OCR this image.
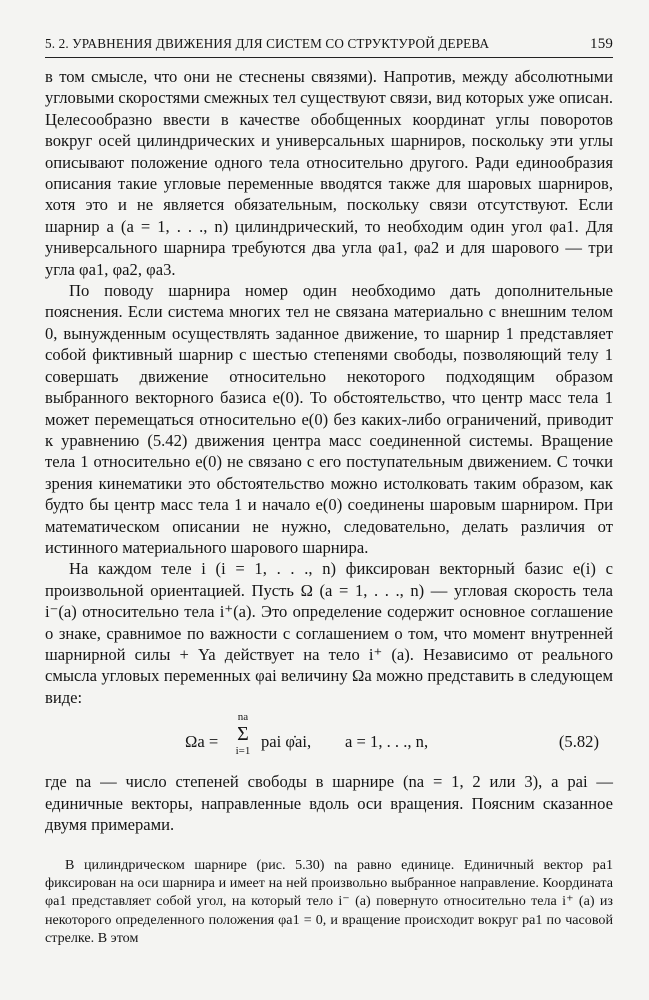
5. 2. УРАВНЕНИЯ ДВИЖЕНИЯ ДЛЯ СИСТЕМ СО СТРУКТУРОЙ ДЕРЕВА	159

в том смысле, что они не стеснены связями). Напротив, между абсолютными угловыми скоростями смежных тел существуют связи, вид которых уже описан. Целесообразно ввести в качестве обобщенных координат углы поворотов вокруг осей цилиндрических и универсальных шарниров, поскольку эти углы описывают положение одного тела относительно другого. Ради единообразия описания такие угловые переменные вводятся также для шаровых шарниров, хотя это и не является обязательным, поскольку связи отсутствуют. Если шарнир a (a = 1, . . ., n) цилиндрический, то необходим один угол φa1. Для универсального шарнира требуются два угла φa1, φa2 и для шарового — три угла φa1, φa2, φa3.

По поводу шарнира номер один необходимо дать дополнительные пояснения. Если система многих тел не связана материально с внешним телом 0, вынужденным осуществлять заданное движение, то шарнир 1 представляет собой фиктивный шарнир с шестью степенями свободы, позволяющий телу 1 совершать движение относительно некоторого подходящим образом выбранного векторного базиса e(0). То обстоятельство, что центр масс тела 1 может перемещаться относительно e(0) без каких-либо ограничений, приводит к уравнению (5.42) движения центра масс соединенной системы. Вращение тела 1 относительно e(0) не связано с его поступательным движением. С точки зрения кинематики это обстоятельство можно истолковать таким образом, как будто бы центр масс тела 1 и начало e(0) соединены шаровым шарниром. При математическом описании не нужно, следовательно, делать различия от истинного материального шарового шарнира.

На каждом теле i (i = 1, . . ., n) фиксирован векторный базис e(i) с произвольной ориентацией. Пусть Ω (a = 1, . . ., n) — угловая скорость тела i⁻(a) относительно тела i⁺(a). Это определение содержит основное соглашение о знаке, сравнимое по важности с соглашением о том, что момент внутренней шарнирной силы + Ya действует на тело i⁺ (a). Независимо от реального смысла угловых переменных φai величину Ωa можно представить в следующем виде:

Ωa =
na
Σ
i=1 pai φ̇ai, a = 1, . . ., n,	(5.82)

где na — число степеней свободы в шарнире (na = 1, 2 или 3), а pai — единичные векторы, направленные вдоль оси вращения. Поясним сказанное двумя примерами.

В цилиндрическом шарнире (рис. 5.30) na равно единице. Единичный вектор pa1 фиксирован на оси шарнира и имеет на ней произвольно выбранное направление. Координата φa1 представляет собой угол, на который тело i⁻ (a) повернуто относительно тела i⁺ (a) из некоторого определенного положения φa1 = 0, и вращение происходит вокруг pa1 по часовой стрелке. В этом
